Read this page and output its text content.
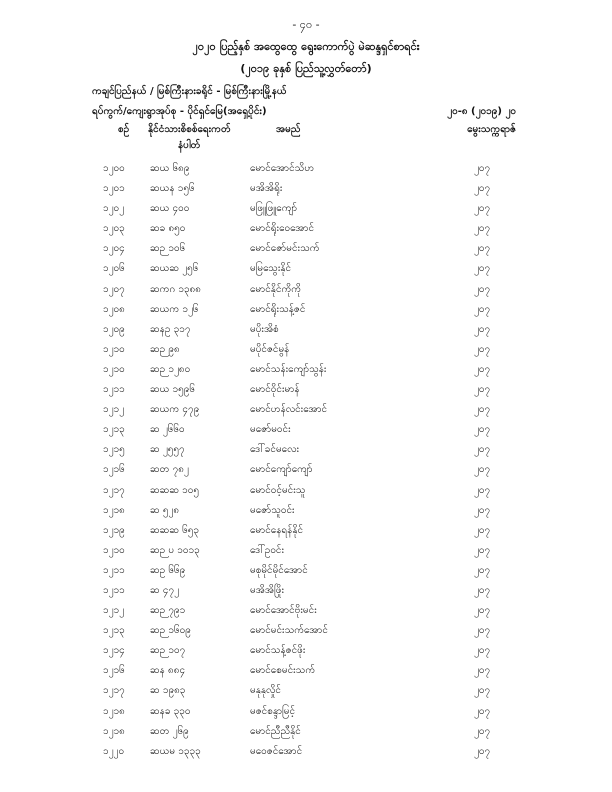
- ၄၀ -
၂၀၂၀ ပြည့်နှစ် အထွေထွေ ရွေးကောက်ပွဲ မဲဆန္ဒရှင်စာရင်း
(၂၀၁၉ ခုနှစ် ပြည်သူ့လွှတ်တော်)
ကချင်ပြည်နယ် / မြစ်ကြီးနားခရိုင် - မြစ်ကြီးနားမြို့နယ်
ရပ်ကွက်/ကျေးရွာအုပ်စု - ပိုင်ရှင်မြေ(အရှေ့ပိုင်း)	၂၀-၈ (၂၀၁၉) ၂၀
စဉ် နိုင်ငံသားစိစစ်ရေးကတ်
နံပါတ်
အမည်	မွေးသက္ကရာဇ်
၁၂၀၀	ဆယ ၆၈၉	မောင်အောင်သိဟ	၂၀၇
၁၂၀၁	ဆယန ၁၅၆	မအိအိရိုး	၂၀၇
၁၂၀၂	ဆယ ၄၀၀	မဖြူဖြူကျော်	၂၀၇
၁၂၀၃	ဆခ ၈၅၀	မောင်ရိုးဝေအောင်	၂၀၇
၁၂၀၄	ဆဉ ၁၀၆	မောင်ဇော်မင်းသက်	၂၀၇
၁၂၀၆	ဆယဆ ၂၅၆	မမြသွေးနိုင်	၂၀၇
၁၂၀၇	ဆကဂ ၁၃၈၈	မောင်နိုင်ကိုကို	၂၀၇
၁၂၀၈	ဆယက ၁၂၆	မောင်ရိုးသန့်ဇင်	၂၀၇
၁၂၀၉	ဆနဥ ၃၁၇	မပိုးအိစံ	၂၀၇
၁၂၁၀	ဆဉ ၉၈	မပိုင်ဇင်မွန်	၂၀၇
၁၂၁၀	ဆဉ ၁၂၈၀	မောင်သန်းကျော်သွန်း	၂၀၇
၁၂၁၁	ဆယ ၁၅၉၆	မောင်ဝိုင်းမာန်	၂၀၇
၁၂၁၂	ဆယက ၄၇၉	မောင်ဟန်လင်းအောင်	၂၀၇
၁၂၁၃	ဆ ၂၆၆၀	မဇော်မဝင်း	၂၀၇
၁၂၁၅	ဆ ၂၅၅၇	ဒေါ်ခင်မလေး	၂၀၇
၁၂၁၆	ဆတ ၇၈၂	မောင်ကျော်ကျော်	၂၀၇
၁၂၁၇	ဆဆဆ ၁၀၅	မောင်ဝင့်မင်းသူ	၂၀၇
၁၂၁၈	ဆ ၅၂၈	မဇော်သူဝင်း	၂၀၇
၁၂၁၉	ဆဆဆ ၆၅၃	မောင်နေရန်နိုင်	၂၀၇
၁၂၁၀	ဆဉ ပ ၁၀၁၃	ဒေါ်ဥဝင်း	၂၀၇
၁၂၁၁	ဆဥ ၆၆၉	မစုမိုင်မိုင်အောင်	၂၀၇
၁၂၁၁	ဆ ၄၇၂	မအိအိဖြိုး	၂၀၇
၁၂၁၂	ဆဉ ၇၉၁	မောင်အောင်ဗိုးမင်း	၂၀၇
၁၂၁၃	ဆဉ ၁၆၀၉	မောင်မင်းသက်အောင်	၂၀၇
၁၂၁၄	ဆဉ ၁၀၇	မောင်သန့်ဇင်ဖိုး	၂၀၇
၁၂၁၆	ဆန ၈၈၄	မောင်စေမင်းသက်	၂၀၇
၁၂၁၇	ဆ ၁၉၈၃	မနုနုလှိုင်	၂၀၇
၁၂၁၈	ဆနခ ၃၃၀	မဇင်စန္ဒာမြင့်	၂၀၇
၁၂၁၈	ဆတ ၂၆၉	မောင်ညီညီနိုင်	၂၀၇
၁၂၂၀	ဆယမ ၁၃၃၃	မဝေဇင်အောင်	၂၀၇
